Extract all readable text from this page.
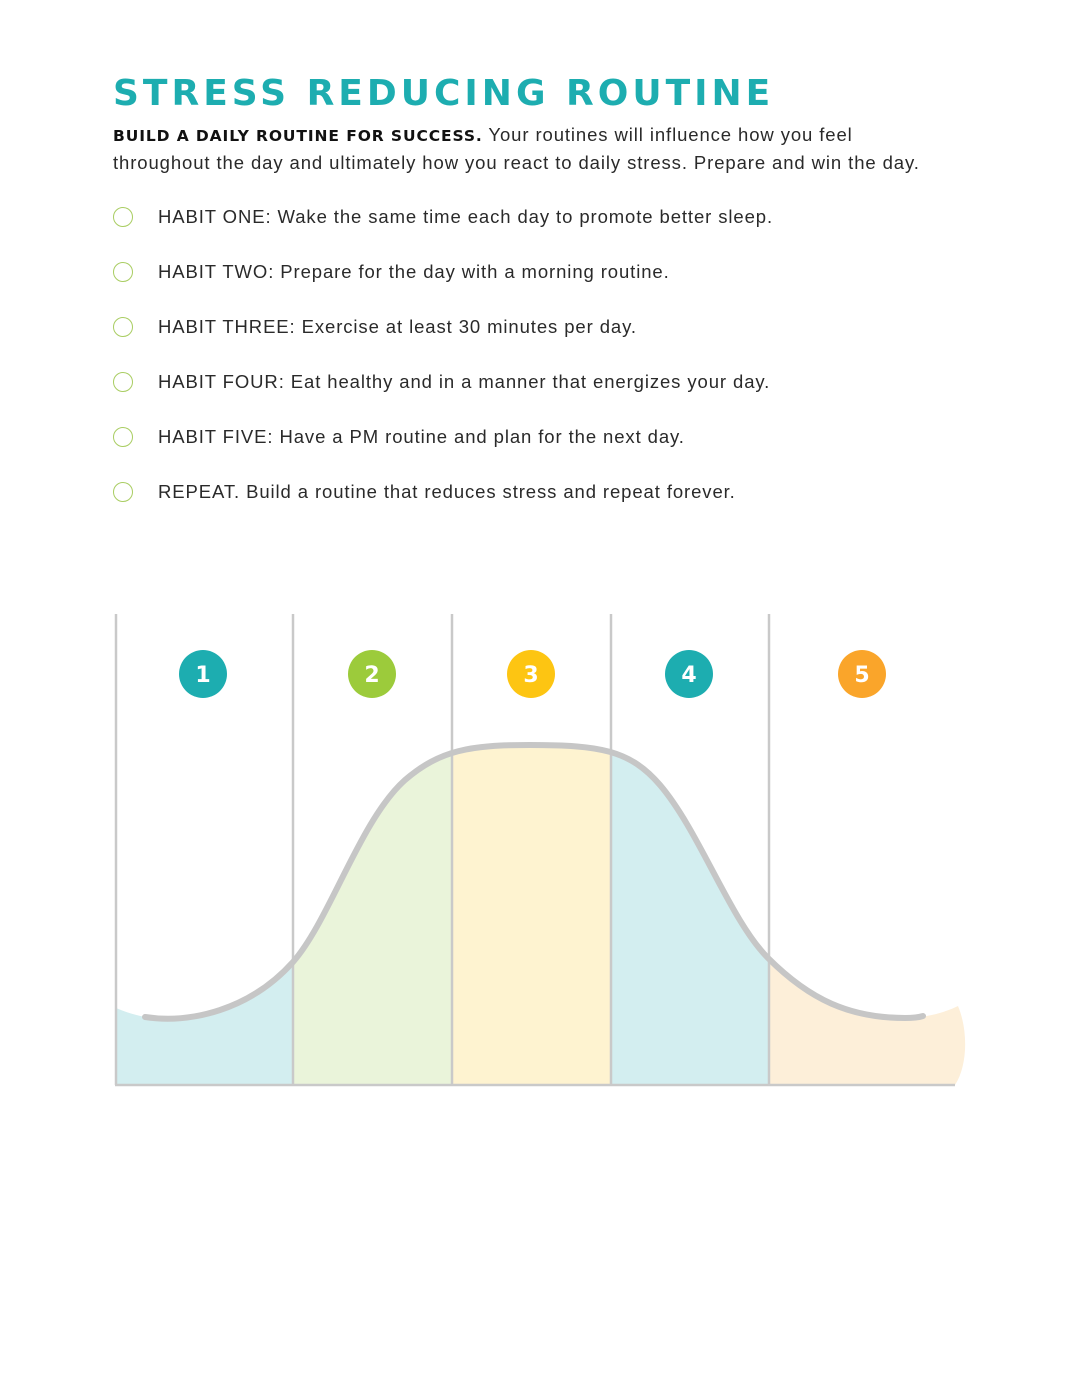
STRESS REDUCING ROUTINE

BUILD A DAILY ROUTINE FOR SUCCESS. Your routines will influence how you feel throughout the day and ultimately how you react to daily stress. Prepare and win the day.

HABIT ONE: Wake the same time each day to promote better sleep.
HABIT TWO: Prepare for the day with a morning routine.
HABIT THREE: Exercise at least 30 minutes per day.
HABIT FOUR: Eat healthy and in a manner that energizes your day.
HABIT FIVE: Have a PM routine and plan for the next day.
REPEAT. Build a routine that reduces stress and repeat forever.
1	2	3	4	5
